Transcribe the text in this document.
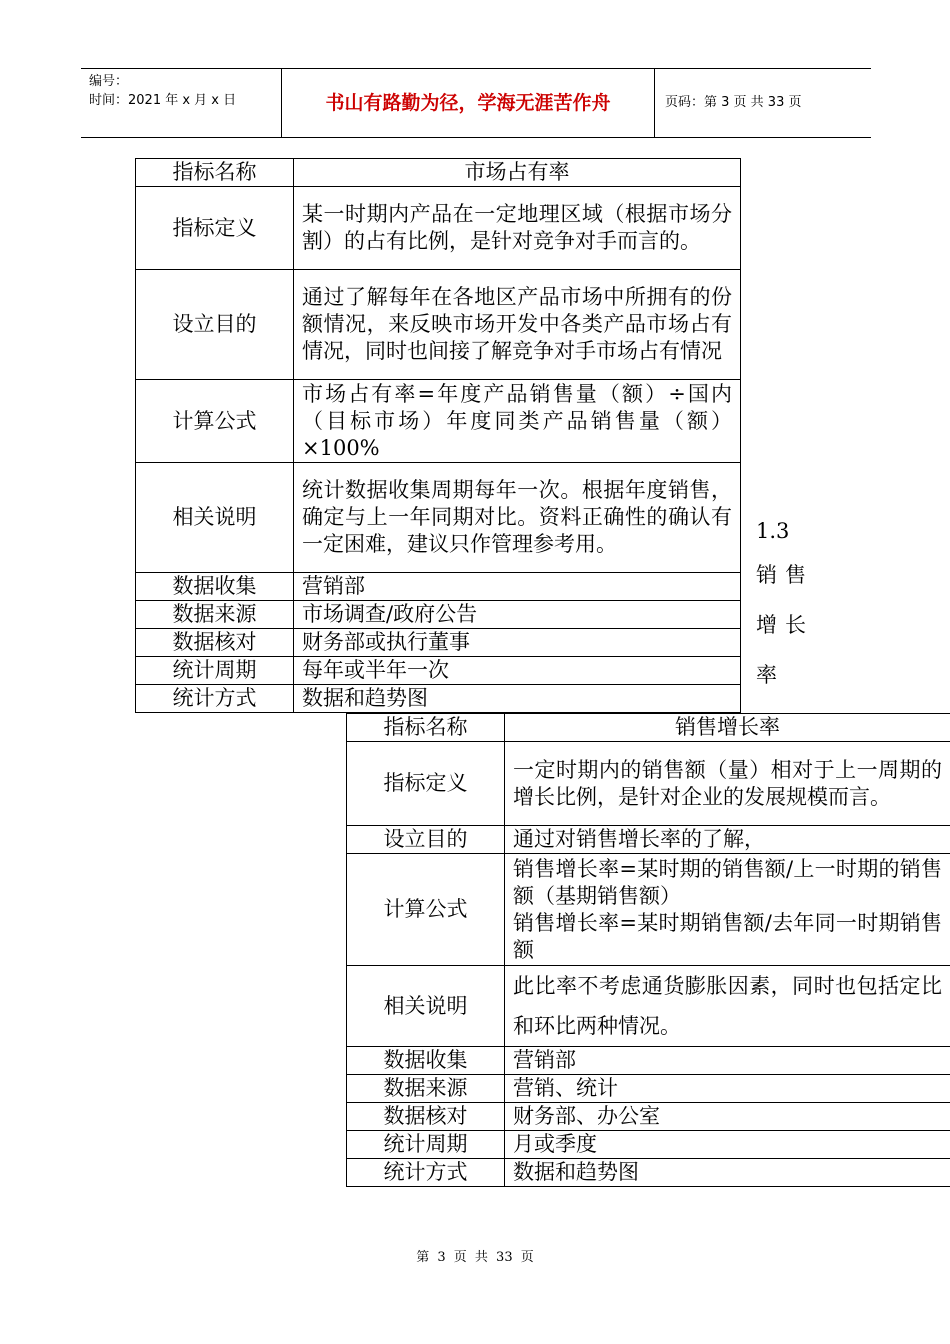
编号：
时间：2021 年 x 月 x 日	书山有路勤为径，学海无涯苦作舟	页码：第 3 页 共 33 页
指标名称	市场占有率
指标定义	某一时期内产品在一定地理区域（根据市场分割）的占有比例，是针对竞争对手而言的。
设立目的	通过了解每年在各地区产品市场中所拥有的份额情况，来反映市场开发中各类产品市场占有情况，同时也间接了解竞争对手市场占有情况
计算公式	市场占有率=年度产品销售量（额）÷国内（目标市场）年度同类产品销售量（额）×100%
相关说明	统计数据收集周期每年一次。根据年度销售，确定与上一年同期对比。资料正确性的确认有一定困难，建议只作管理参考用。
数据收集	营销部
数据来源	市场调查/政府公告
数据核对	财务部或执行董事
统计周期	每年或半年一次
统计方式	数据和趋势图
1.3
销售
增长
率
指标名称	销售增长率
指标定义	一定时期内的销售额（量）相对于上一周期的增长比例，是针对企业的发展规模而言。
设立目的	通过对销售增长率的了解，
计算公式	销售增长率=某时期的销售额/上一时期的销售额（基期销售额）
销售增长率=某时期销售额/去年同一时期销售额

相关说明	此比率不考虑通货膨胀因素，同时也包括定比和环比两种情况。
数据收集	营销部
数据来源	营销、统计
数据核对	财务部、办公室
统计周期	月或季度
统计方式	数据和趋势图
第 3 页 共 33 页
